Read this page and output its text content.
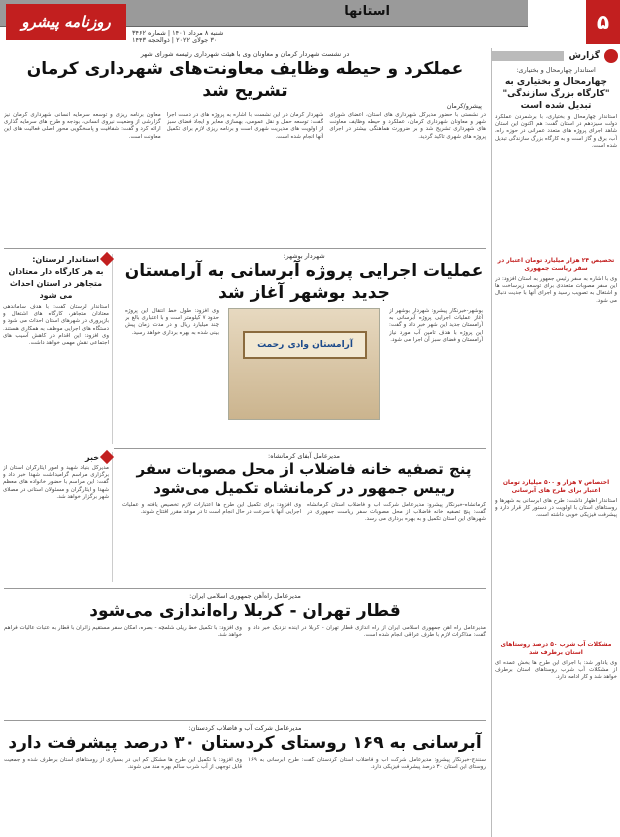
استانها	۵
روزنامه پیشرو
شنبه ۸ مرداد ۱۴۰۱ | شماره ۳۴۶۲
۳۰ جولای ۲۰۲۲ | ذوالحجه ۱۴۴۳
گزارش
استاندار چهارمحال و بختیاری:
چهارمحال و بختیاری به "کارگاه بزرگ سازندگی" تبدیل شده است
استاندار چهارمحال و بختیاری، با برشمردن عملکرد دولت سیزدهم در استان گفت: هم اکنون این استان شاهد اجرای پروژه های متعدد عمرانی در حوزه راه، آب، برق و گاز است و به کارگاه بزرگ سازندگی تبدیل شده است.
تخصیص ۲۴ هزار میلیارد تومان اعتبار در سفر ریاست جمهوری
وی با اشاره به سفر رئیس جمهور به استان افزود: در این سفر مصوبات متعددی برای توسعه زیرساخت ها و اشتغال به تصویب رسید و اجرای آنها با جدیت دنبال می شود.
اختصاص ۷ هزار و ۵۰۰ میلیارد تومان اعتبار برای طرح های آبرسانی
استاندار اظهار داشت: طرح های آبرسانی به شهرها و روستاهای استان با اولویت در دستور کار قرار دارد و پیشرفت فیزیکی خوبی داشته است.
مشکلات آب شرب ۵۰ درصد روستاهای استان برطرف شد
وی یادآور شد: با اجرای این طرح ها بخش عمده ای از مشکلات آب شرب روستاهای استان برطرف خواهد شد و کار ادامه دارد.
در نشست شهردار کرمان و معاونان وی با هیئت شهرداری رئیسه شورای شهر
عملکرد و حیطه وظایف معاونت‌های شهرداری کرمان تشریح شد
پیشرو/کرمان
در نشستی با حضور مدیرکل شهرداری های استان، اعضای شورای شهر و معاونان شهرداری کرمان، عملکرد و حیطه وظایف معاونت های شهرداری تشریح شد و بر ضرورت هماهنگی بیشتر در اجرای پروژه های شهری تاکید گردید.
شهردار کرمان در این نشست با اشاره به پروژه های در دست اجرا گفت: توسعه حمل و نقل عمومی، بهسازی معابر و ایجاد فضای سبز از اولویت های مدیریت شهری است و برنامه ریزی لازم برای تکمیل آنها انجام شده است.
معاون برنامه ریزی و توسعه سرمایه انسانی شهرداری کرمان نیز گزارشی از وضعیت نیروی انسانی، بودجه و طرح های سرمایه گذاری ارائه کرد و گفت: شفافیت و پاسخگویی محور اصلی فعالیت های این معاونت است.
شهردار بوشهر:
عملیات اجرایی پروژه آبرسانی به آرامستان جدید بوشهر آغاز شد
بوشهر-خبرنگار پیشرو: شهردار بوشهر از آغاز عملیات اجرایی پروژه آبرسانی به آرامستان جدید این شهر خبر داد و گفت: این پروژه با هدف تامین آب مورد نیاز آرامستان و فضای سبز آن اجرا می شود.
آرامستان وادی رحمت
وی افزود: طول خط انتقال این پروژه حدود ۷ کیلومتر است و با اعتباری بالغ بر چند میلیارد ریال و در مدت زمان پیش بینی شده به بهره برداری خواهد رسید.
استاندار لرستان:
به هر کارگاه دار معتادان متجاهر در استان احداث می شود
استاندار لرستان گفت: با هدف ساماندهی معتادان متجاهر، کارگاه های اشتغال و بازپروری در شهرهای استان احداث می شود و دستگاه های اجرایی موظف به همکاری هستند. وی افزود: این اقدام در کاهش آسیب های اجتماعی نقش مهمی خواهد داشت.
مدیرعامل آبفای کرمانشاه:
پنج تصفیه خانه فاضلاب از محل مصوبات سفر رییس جمهور در کرمانشاه تکمیل می‌شود
کرمانشاه-خبرنگار پیشرو: مدیرعامل شرکت آب و فاضلاب استان کرمانشاه گفت: پنج تصفیه خانه فاضلاب از محل مصوبات سفر ریاست جمهوری در شهرهای این استان تکمیل و به بهره برداری می رسد.
وی افزود: برای تکمیل این طرح ها اعتبارات لازم تخصیص یافته و عملیات اجرایی آنها با سرعت در حال انجام است تا در موعد مقرر افتتاح شوند.
خبر
مدیرکل بنیاد شهید و امور ایثارگران استان از برگزاری مراسم گرامیداشت شهدا خبر داد و گفت: این مراسم با حضور خانواده های معظم شهدا و ایثارگران و مسئولان استانی در مصلای شهر برگزار خواهد شد.
مدیرعامل راه‌آهن جمهوری اسلامی ایران:
قطار تهران - کربلا راه‌اندازی می‌شود
مدیرعامل راه آهن جمهوری اسلامی ایران از راه اندازی قطار تهران - کربلا در آینده نزدیک خبر داد و گفت: مذاکرات لازم با طرف عراقی انجام شده است.
وی افزود: با تکمیل خط ریلی شلمچه - بصره، امکان سفر مستقیم زائران با قطار به عتبات عالیات فراهم خواهد شد.
مدیرعامل شرکت آب و فاضلاب کردستان:
آبرسانی به ۱۶۹ روستای کردستان ۳۰ درصد پیشرفت دارد
سنندج-خبرنگار پیشرو: مدیرعامل شرکت آب و فاضلاب استان کردستان گفت: طرح آبرسانی به ۱۶۹ روستای این استان ۳۰ درصد پیشرفت فیزیکی دارد.
وی افزود: با تکمیل این طرح ها مشکل کم آبی در بسیاری از روستاهای استان برطرف شده و جمعیت قابل توجهی از آب شرب سالم بهره مند می شوند.
